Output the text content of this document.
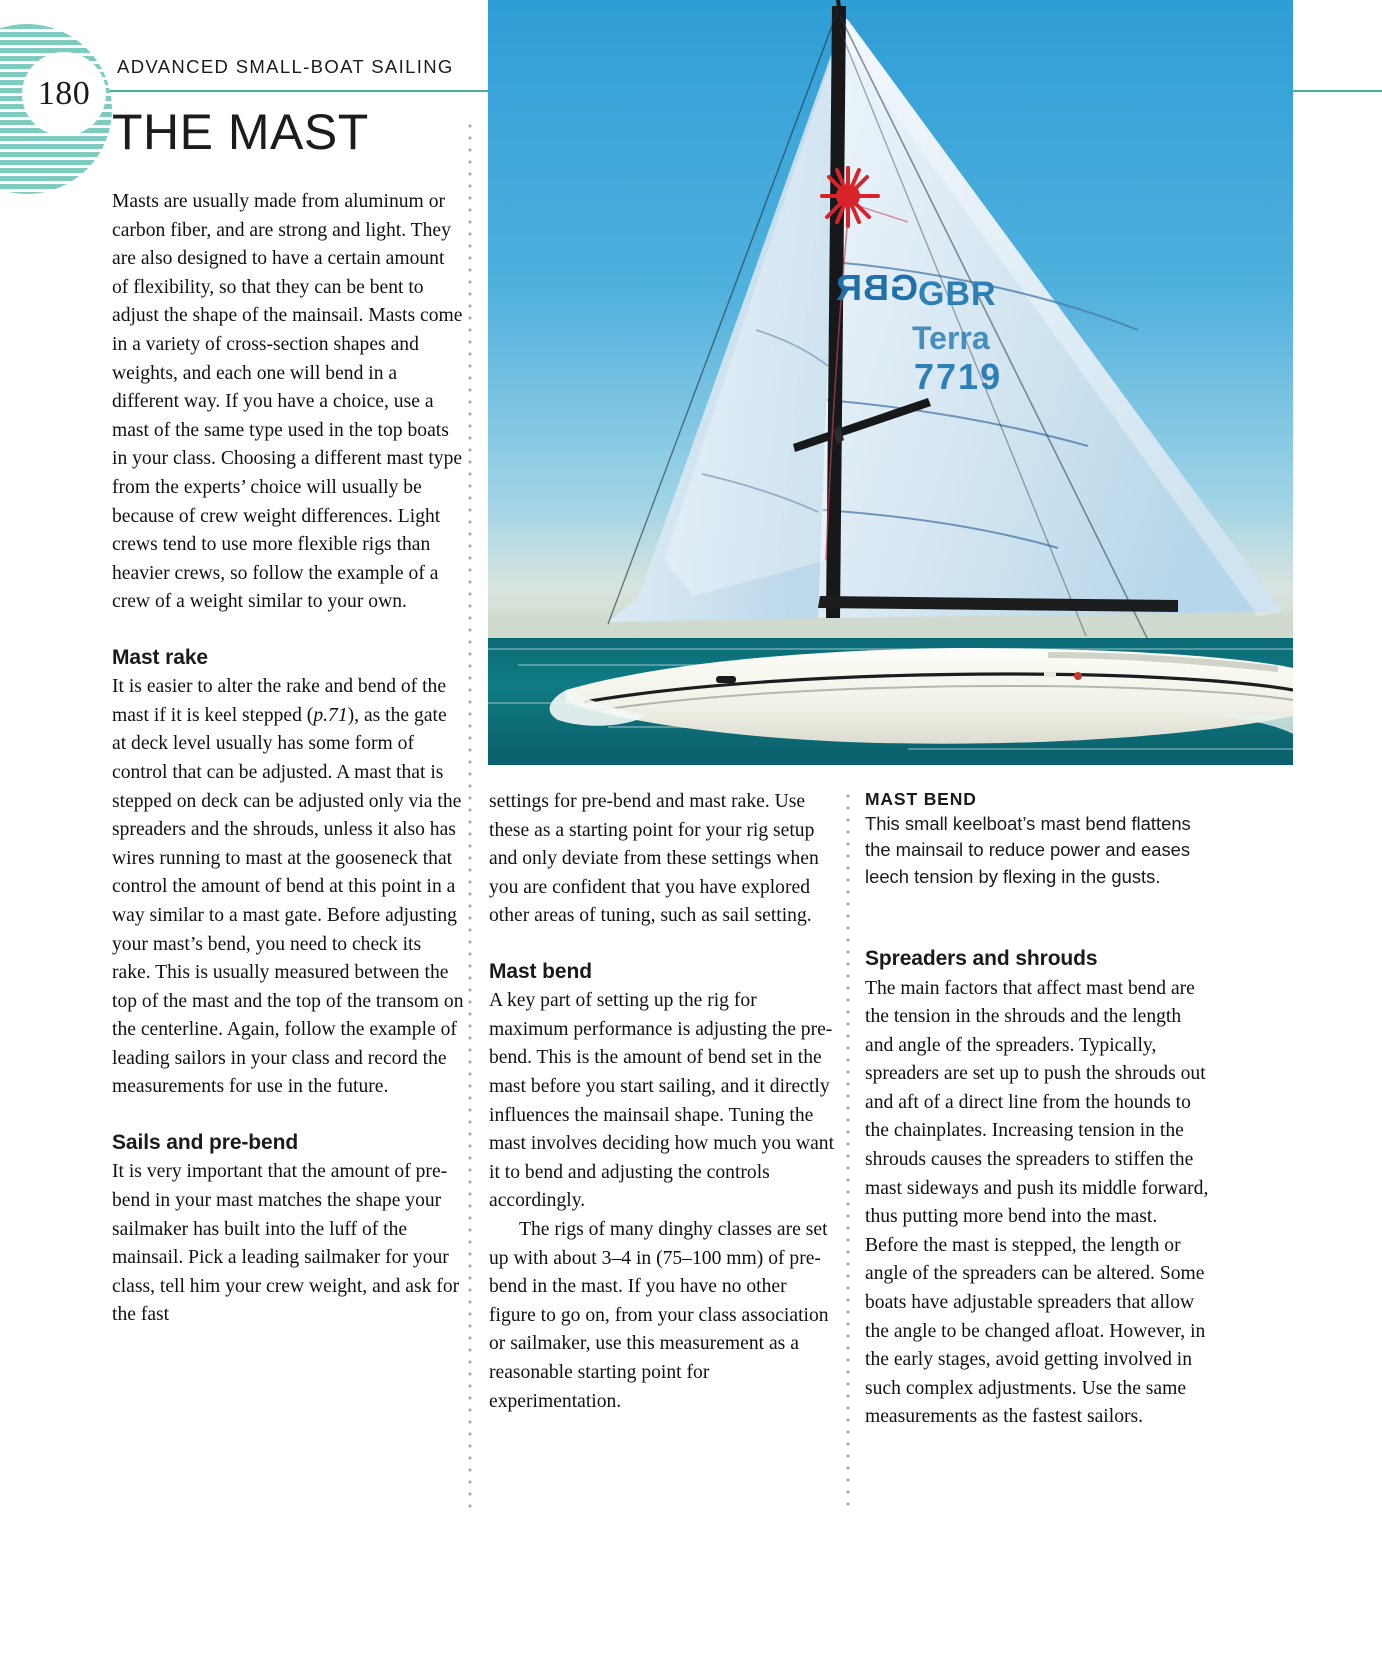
180
ADVANCED SMALL-BOAT SAILING
THE MAST
GBR GBR
Terra
7719

Masts are usually made from aluminum or carbon fiber, and are strong and light. They are also designed to have a certain amount of flexibility, so that they can be bent to adjust the shape of the mainsail. Masts come in a variety of cross-section shapes and weights, and each one will bend in a different way. If you have a choice, use a mast of the same type used in the top boats in your class. Choosing a different mast type from the experts’ choice will usually be because of crew weight differences. Light crews tend to use more flexible rigs than heavier crews, so follow the example of a crew of a weight similar to your own.

Mast rake

It is easier to alter the rake and bend of the mast if it is keel stepped (p.71), as the gate at deck level usually has some form of control that can be adjusted. A mast that is stepped on deck can be adjusted only via the spreaders and the shrouds, unless it also has wires running to mast at the gooseneck that control the amount of bend at this point in a way similar to a mast gate. Before adjusting your mast’s bend, you need to check its rake. This is usually measured between the top of the mast and the top of the transom on the centerline. Again, follow the example of leading sailors in your class and record the measurements for use in the future.

Sails and pre-bend

It is very important that the amount of pre-bend in your mast matches the shape your sailmaker has built into the luff of the mainsail. Pick a leading sailmaker for your class, tell him your crew weight, and ask for the fast

settings for pre-bend and mast rake. Use these as a starting point for your rig setup and only deviate from these settings when you are confident that you have explored other areas of tuning, such as sail setting.

Mast bend

A key part of setting up the rig for maximum performance is adjusting the pre-bend. This is the amount of bend set in the mast before you start sailing, and it directly influences the mainsail shape. Tuning the mast involves deciding how much you want it to bend and adjusting the controls accordingly.

The rigs of many dinghy classes are set up with about 3–4 in (75–100 mm) of pre-bend in the mast. If you have no other figure to go on, from your class association or sailmaker, use this measurement as a reasonable starting point for experimentation.

MAST BEND

This small keelboat’s mast bend flattens the mainsail to reduce power and eases leech tension by flexing in the gusts.

Spreaders and shrouds

The main factors that affect mast bend are the tension in the shrouds and the length and angle of the spreaders. Typically, spreaders are set up to push the shrouds out and aft of a direct line from the hounds to the chainplates. Increasing tension in the shrouds causes the spreaders to stiffen the mast sideways and push its middle forward, thus putting more bend into the mast. Before the mast is stepped, the length or angle of the spreaders can be altered. Some boats have adjustable spreaders that allow the angle to be changed afloat. However, in the early stages, avoid getting involved in such complex adjustments. Use the same measurements as the fastest sailors.
